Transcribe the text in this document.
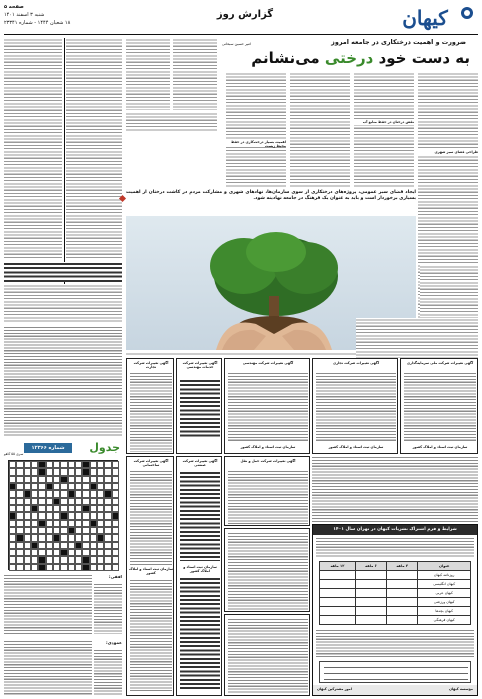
کیهان
صفحه ۵
شنبه ۳ اسفند ۱۴۰۱
۱۸ شعبان ۱۴۴۴ - شماره ۲۳۳۴۱
گزارش روز
ضرورت و اهمیت درختکاری در جامعه امروز
به دست خود درختی می‌نشانم
امیر حسین سبحانی
طراحی فضای سبز شهری
نقش درختان در حفظ منابع آب
اهمیت بسیار درخت‌کاری در حفظ محیط زیست
ایجاد فضای سبز عمومی، پروژه‌های درختکاری از سوی سازمان‌ها، نهادهای شهری و مشارکت مردم در کاشت درختان از اهمیت بسیاری برخوردار است و باید به عنوان یک فرهنگ در جامعه نهادینه شود.
آگهی تغییرات شرکت ملی سرمایه‌گذاری
سازمان ثبت اسناد و املاک کشور
آگهی تغییرات شرکت تجاری
سازمان ثبت اسناد و املاک کشور
آگهی تغییرات شرکت مهندسی
سازمان ثبت اسناد و املاک کشور
آگهی تغییرات شرکت خدمات مهندسی
آگهی تغییرات شرکت تجارت
جدول
شماره ۱۲۳۶۶
سری ۵۵ کاهو
افقی:
عمودی:
آگهی تغییرات شرکت ساختمانی
سازمان ثبت اسناد و املاک کشور
آگهی تغییرات شرکت صنعتی
سازمان ثبت اسناد و املاک کشور
آگهی تغییرات شرکت حمل و نقل
شرایط و فرم اشتراک نشریات کیهان در تهران سال ۱۴۰۱
عنوان	۳ ماهه	۶ ماهه	۱۲ ماهه
روزنامه کیهان			
کیهان انگلیسی			
کیهان عربی			
کیهان ورزشی			
کیهان بچه‌ها			
کیهان فرهنگی			
مؤسسه کیهان
امور مشترکین کیهان
